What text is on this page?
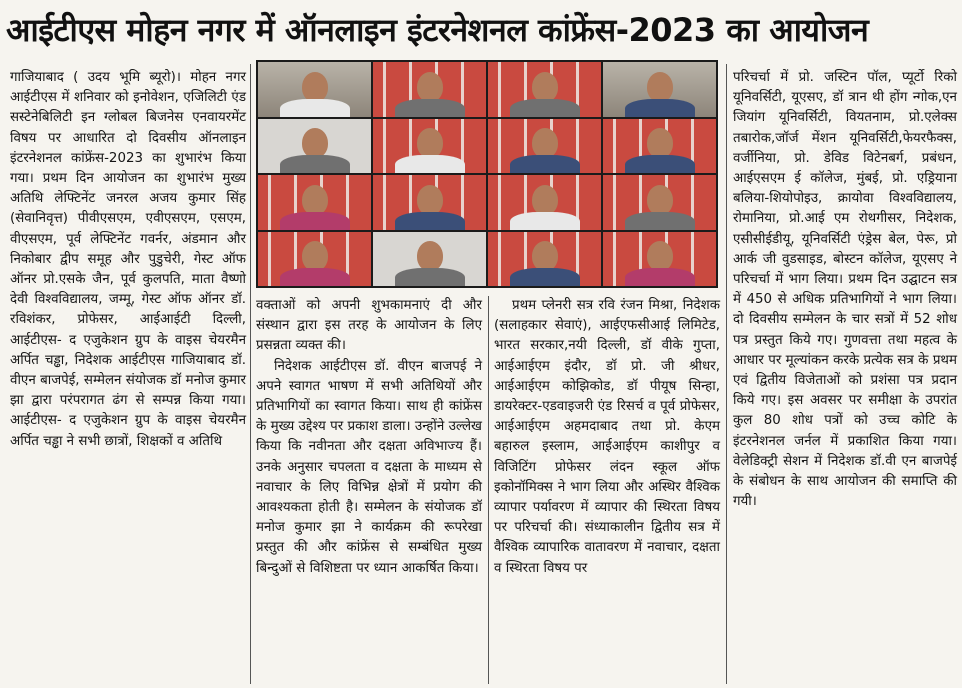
आईटीएस मोहन नगर में ऑनलाइन इंटरनेशनल कांफ्रेंस-2023 का आयोजन

गाजियाबाद ( उदय भूमि ब्यूरो)। मोहन नगर आईटीएस में शनिवार को इनोवेशन, एजिलिटी एंड सस्टेनेबिलिटी इन ग्लोबल बिजनेस एनवायरमेंट विषय पर आधारित दो दिवसीय ऑनलाइन इंटरनेशनल कांफ्रेंस-2023 का शुभारंभ किया गया। प्रथम दिन आयोजन का शुभारंभ मुख्य अतिथि लेफ्टिनेंट जनरल अजय कुमार सिंह (सेवानिवृत्त) पीवीएसएम, एवीएसएम, एसएम, वीएसएम, पूर्व लेफ्टिनेंट गवर्नर, अंडमान और निकोबार द्वीप समूह और पुडुचेरी, गेस्ट ऑफ ऑनर प्रो.एसके जैन, पूर्व कुलपति, माता वैष्णो देवी विश्वविद्यालय, जम्मू, गेस्ट ऑफ ऑनर डॉ. रविशंकर, प्रोफेसर, आईआईटी दिल्ली, आईटीएस- द एजुकेशन ग्रुप के वाइस चेयरमैन अर्पित चड्ढा, निदेशक आईटीएस गाजियाबाद डॉ. वीएन बाजपेई, सम्मेलन संयोजक डॉ मनोज कुमार झा द्वारा परंपरागत ढंग से सम्पन्न किया गया। आईटीएस- द एजुकेशन ग्रुप के वाइस चेयरमैन अर्पित चड्ढा ने सभी छात्रों, शिक्षकों व अतिथि

वक्ताओं को अपनी शुभकामनाएं दी और संस्थान द्वारा इस तरह के आयोजन के लिए प्रसन्नता व्यक्त की।

निदेशक आईटीएस डॉ. वीएन बाजपई ने अपने स्वागत भाषण में सभी अतिथियों और प्रतिभागियों का स्वागत किया। साथ ही कांफ्रेंस के मुख्य उद्देश्य पर प्रकाश डाला। उन्होंने उल्लेख किया कि नवीनता और दक्षता अविभाज्य हैं। उनके अनुसार चपलता व दक्षता के माध्यम से नवाचार के लिए विभिन्न क्षेत्रों में प्रयोग की आवश्यकता होती है। सम्मेलन के संयोजक डॉ मनोज कुमार झा ने कार्यक्रम की रूपरेखा प्रस्तुत की और कांफ्रेंस से सम्बंधित मुख्य बिन्दुओं से विशिष्टता पर ध्यान आकर्षित किया।

प्रथम प्लेनरी सत्र रवि रंजन मिश्रा, निदेशक (सलाहकार सेवाएं), आईएफसीआई लिमिटेड, भारत सरकार,नयी दिल्ली, डॉ वीके गुप्ता, आईआईएम इंदौर, डॉ प्रो. जी श्रीधर, आईआईएम कोझिकोड, डॉ पीयूष सिन्हा, डायरेक्टर-एडवाइजरी एंड रिसर्च व पूर्व प्रोफेसर, आईआईएम अहमदाबाद तथा प्रो. केएम बहारुल इस्लाम, आईआईएम काशीपुर व विजिटिंग प्रोफेसर लंदन स्कूल ऑफ इकोनॉमिक्स ने भाग लिया और अस्थिर वैश्विक व्यापार पर्यावरण में व्यापार की स्थिरता विषय पर परिचर्चा की। संध्याकालीन द्वितीय सत्र में वैश्विक व्यापारिक वातावरण में नवाचार, दक्षता व स्थिरता विषय पर

परिचर्चा में प्रो. जस्टिन पॉल, प्यूर्टो रिको यूनिवर्सिटी, यूएसए, डॉ त्रान थी होंग न्गोक,एन जियांग यूनिवर्सिटी, वियतनाम, प्रो.एलेक्स तबारोक,जॉर्ज मेंशन यूनिवर्सिटी,फेयरफैक्स, वर्जीनिया, प्रो. डेविड विटेनबर्ग, प्रबंधन, आईएसएम ई कॉलेज, मुंबई, प्रो. एड्रियाना बलिया-शियोपोइउ, क्रायोवा विश्वविद्यालय, रोमानिया, प्रो.आई एम रोथगीसर, निदेशक, एसीसीईडीयू, यूनिवर्सिटी एंड्रेस बेल, पेरू, प्रो आर्क जी वुडसाइड, बोस्टन कॉलेज, यूएसए ने परिचर्चा में भाग लिया। प्रथम दिन उद्घाटन सत्र में 450 से अधिक प्रतिभागियों ने भाग लिया। दो दिवसीय सम्मेलन के चार सत्रों में 52 शोध पत्र प्रस्तुत किये गए। गुणवत्ता तथा महत्व के आधार पर मूल्यांकन करके प्रत्येक सत्र के प्रथम एवं द्वितीय विजेताओं को प्रशंसा पत्र प्रदान किये गए। इस अवसर पर समीक्षा के उपरांत कुल 80 शोध पत्रों को उच्च कोटि के इंटरनेशनल जर्नल में प्रकाशित किया गया। वेलेडिक्ट्री सेशन में निदेशक डॉ.वी एन बाजपेई के संबोधन के साथ आयोजन की समाप्ति की गयी।
